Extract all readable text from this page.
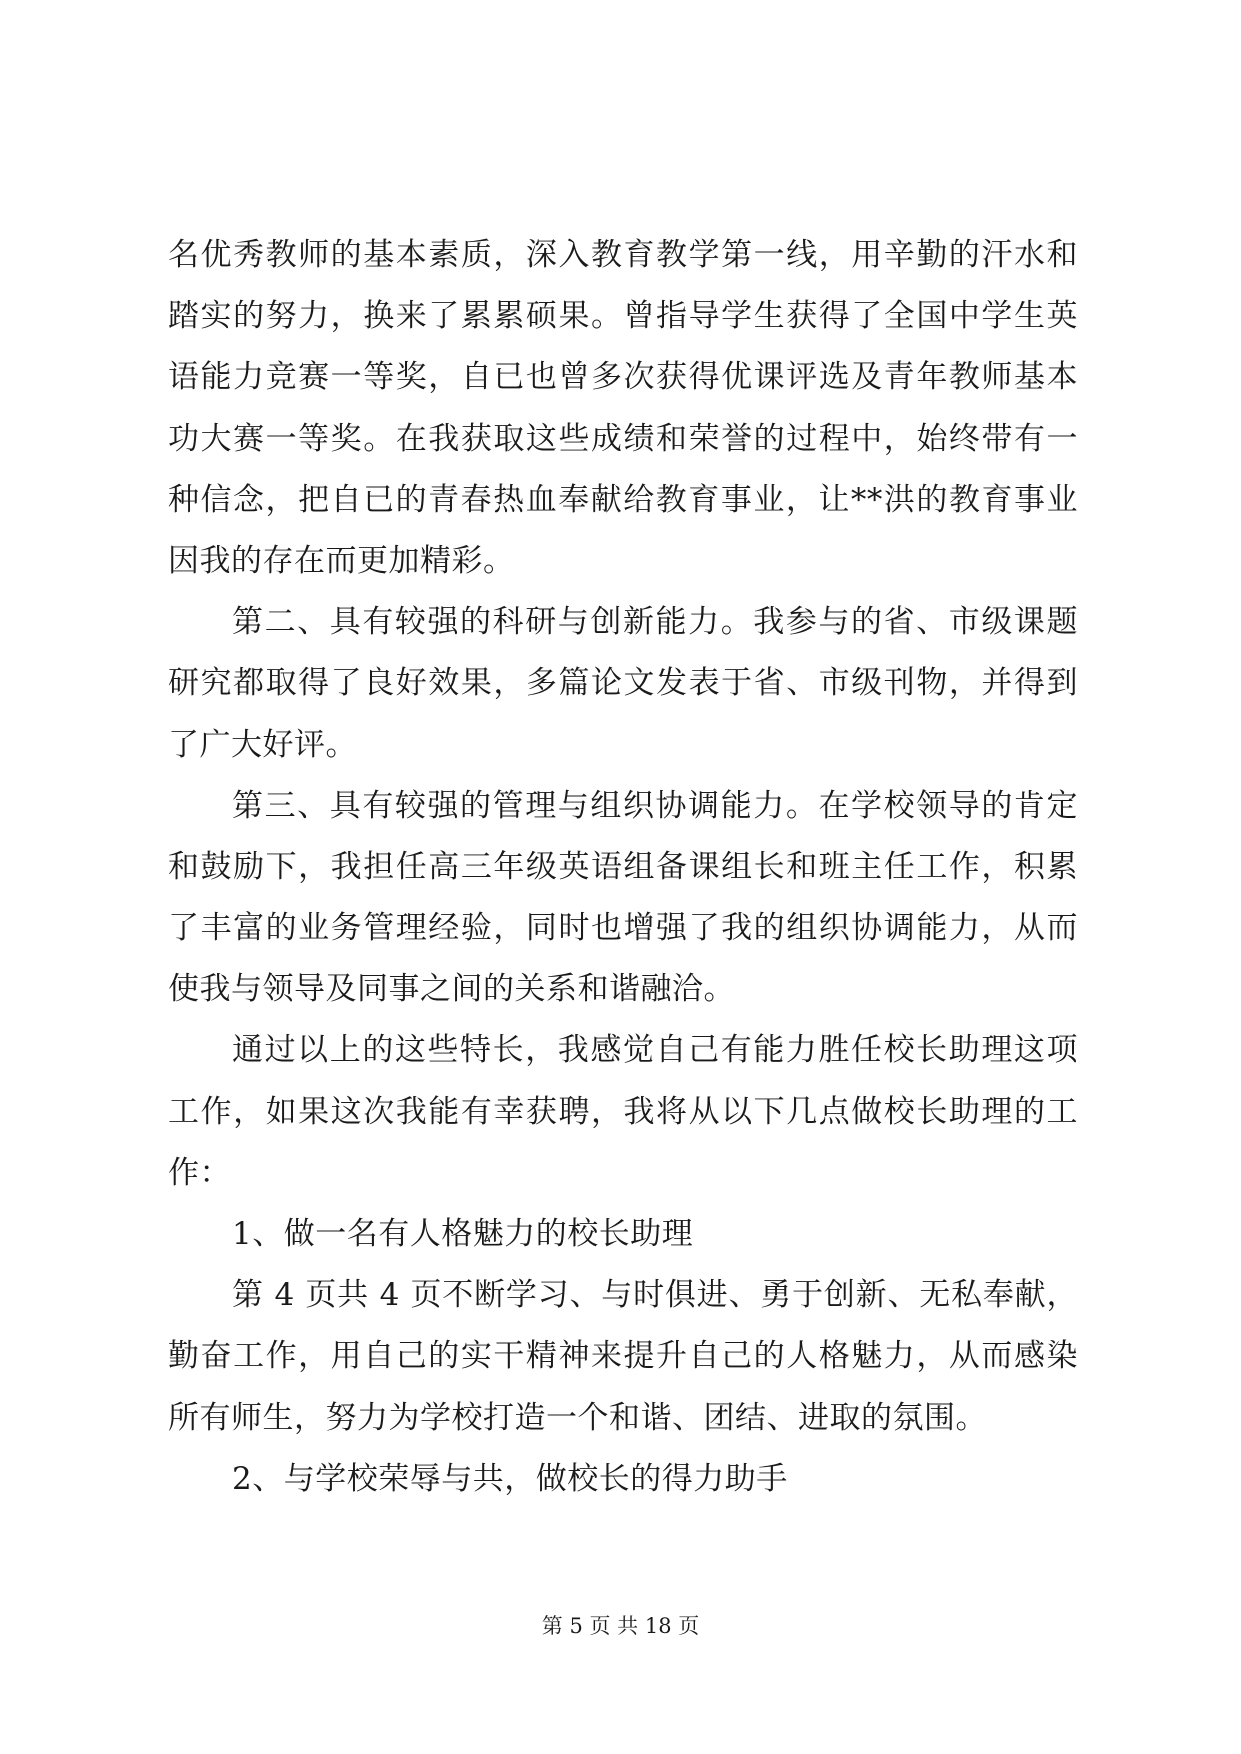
名优秀教师的基本素质，深入教育教学第一线，用辛勤的汗水和
踏实的努力，换来了累累硕果。曾指导学生获得了全国中学生英
语能力竞赛一等奖，自已也曾多次获得优课评选及青年教师基本
功大赛一等奖。在我获取这些成绩和荣誉的过程中，始终带有一
种信念，把自已的青春热血奉献给教育事业，让**洪的教育事业
因我的存在而更加精彩。
第二、具有较强的科研与创新能力。我参与的省、市级课题
研究都取得了良好效果，多篇论文发表于省、市级刊物，并得到
了广大好评。
第三、具有较强的管理与组织协调能力。在学校领导的肯定
和鼓励下，我担任高三年级英语组备课组长和班主任工作，积累
了丰富的业务管理经验，同时也增强了我的组织协调能力，从而
使我与领导及同事之间的关系和谐融洽。
通过以上的这些特长，我感觉自己有能力胜任校长助理这项
工作，如果这次我能有幸获聘，我将从以下几点做校长助理的工
作：
1、做一名有人格魅力的校长助理
第 4 页共 4 页不断学习、与时俱进、勇于创新、无私奉献，
勤奋工作，用自己的实干精神来提升自己的人格魅力，从而感染
所有师生，努力为学校打造一个和谐、团结、进取的氛围。
2、与学校荣辱与共，做校长的得力助手
第 5 页 共 18 页
